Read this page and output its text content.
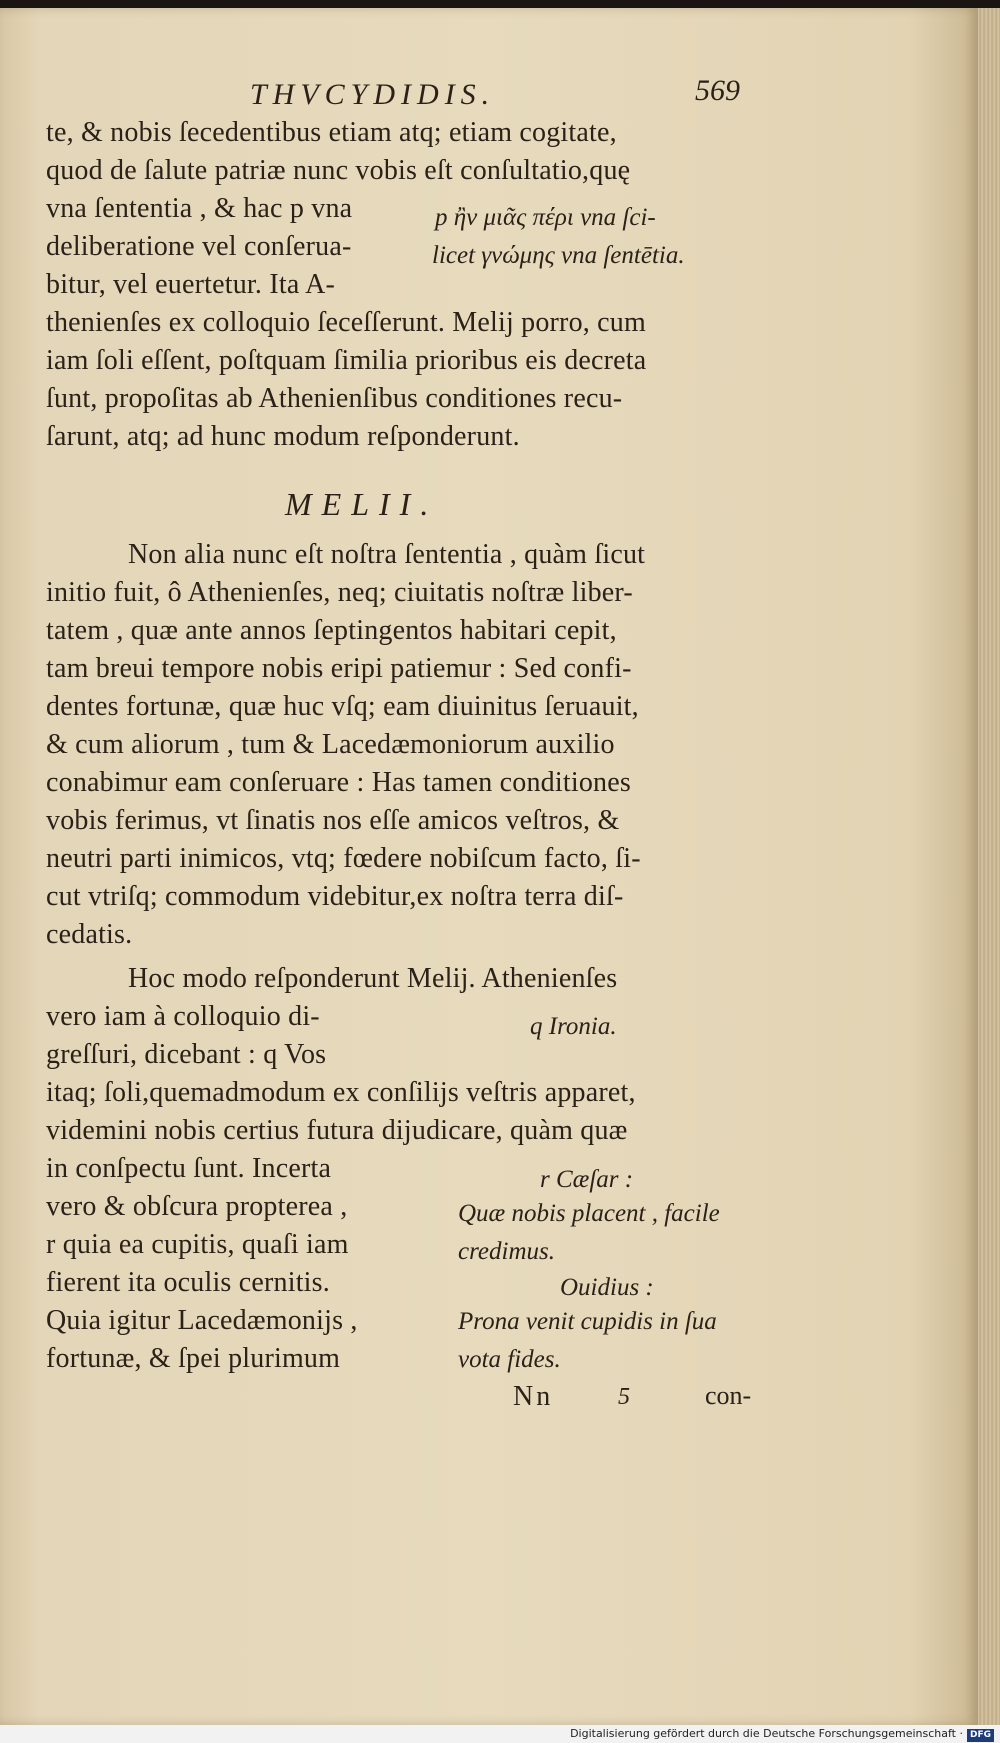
THVCYDIDIS.	569
te, & nobis ſecedentibus etiam atq; etiam cogitate,
quod de ſalute patriæ nunc vobis eſt conſultatio,quę
vna ſententia , & hac p vna
deliberatione vel conſerua-
bitur, vel euertetur. Ita A-
p ἢν μιᾶς πέρι vna ſci-
licet γνώμης vna ſentētia.
thenienſes ex colloquio ſeceſſerunt. Melij porro, cum
iam ſoli eſſent, poſtquam ſimilia prioribus eis decreta
ſunt, propoſitas ab Athenienſibus conditiones recu-
ſarunt, atq; ad hunc modum reſponderunt.
MELII.
Non alia nunc eſt noſtra ſententia , quàm ſicut
initio fuit, ô Athenienſes, neq; ciuitatis noſtræ liber-
tatem , quæ ante annos ſeptingentos habitari cepit,
tam breui tempore nobis eripi patiemur : Sed confi-
dentes fortunæ, quæ huc vſq; eam diuinitus ſeruauit,
& cum aliorum , tum & Lacedæmoniorum auxilio
conabimur eam conſeruare : Has tamen conditiones
vobis ferimus, vt ſinatis nos eſſe amicos veſtros, &
neutri parti inimicos, vtq; fœdere nobiſcum facto, ſi-
cut vtriſq; commodum videbitur,ex noſtra terra diſ-
cedatis.
Hoc modo reſponderunt Melij. Athenienſes
vero iam à colloquio di-
greſſuri, dicebant : q Vos
q Ironia.
itaq; ſoli,quemadmodum ex conſilijs veſtris apparet,
videmini nobis certius futura dijudicare, quàm quæ
in conſpectu ſunt. Incerta
vero & obſcura propterea ,
r quia ea cupitis, quaſi iam
fierent ita oculis cernitis.
Quia igitur Lacedæmonijs ,
fortunæ, & ſpei plurimum
r Cæſar :
Quæ nobis placent , facile
credimus.
Ouidius :
Prona venit cupidis in ſua
vota fides.
Nn	5	con-
Digitalisierung gefördert durch die Deutsche Forschungsgemeinschaft · DFG
